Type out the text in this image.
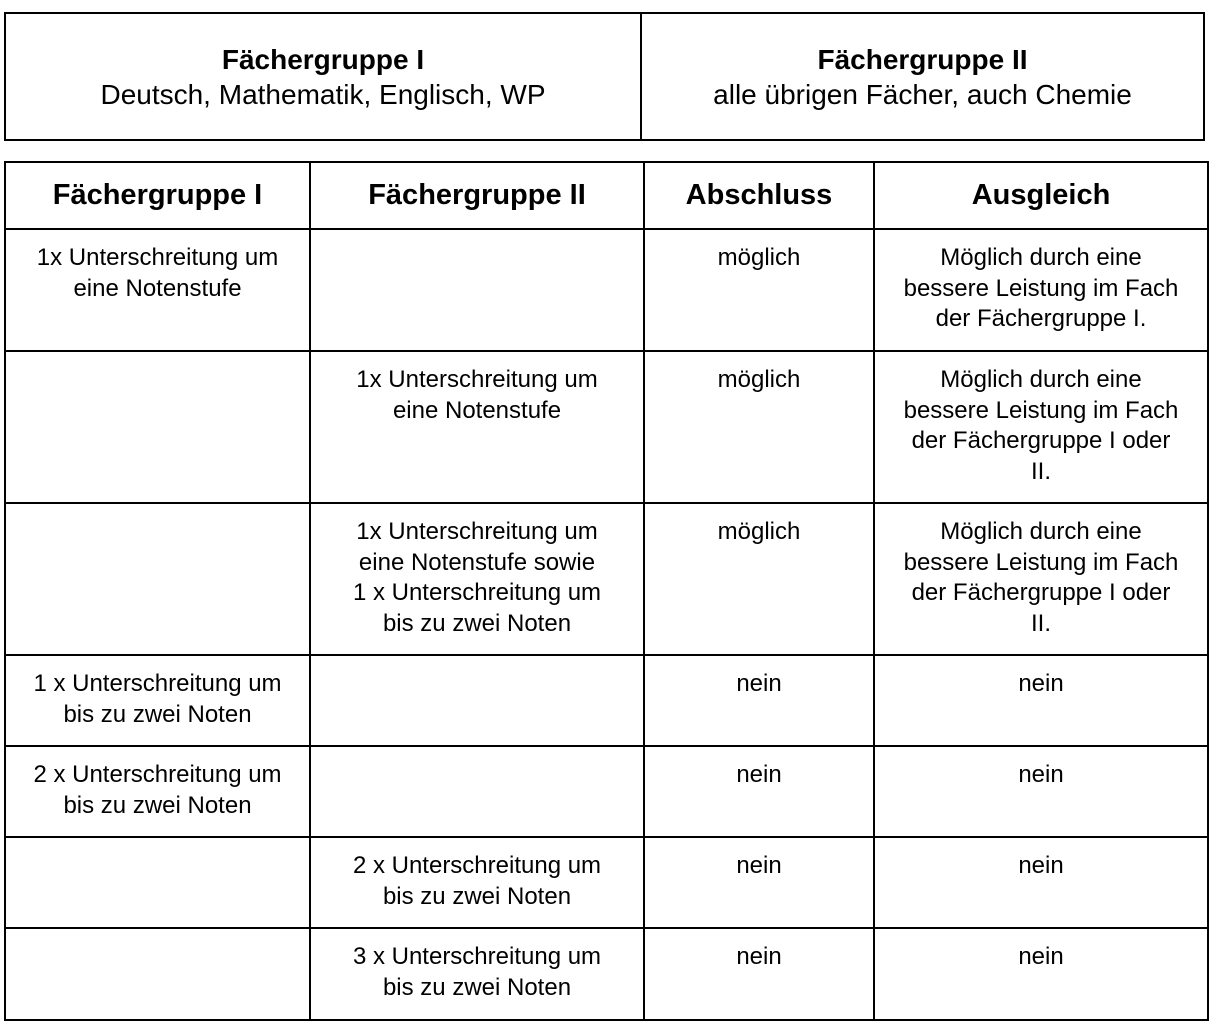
Fächergruppe I
Deutsch, Mathematik, Englisch, WP

Fächergruppe II
alle übrigen Fächer, auch Chemie
Fächergruppe I	Fächergruppe II	Abschluss	Ausgleich
1x Unterschreitung um
eine Notenstufe		möglich	Möglich durch eine
bessere Leistung im Fach
der Fächergruppe I.
	1x Unterschreitung um
eine Notenstufe	möglich	Möglich durch eine
bessere Leistung im Fach
der Fächergruppe I oder
II.
	1x Unterschreitung um
eine Notenstufe sowie
1 x Unterschreitung um
bis zu zwei Noten	möglich	Möglich durch eine
bessere Leistung im Fach
der Fächergruppe I oder
II.
1 x Unterschreitung um
bis zu zwei Noten		nein	nein
2 x Unterschreitung um
bis zu zwei Noten		nein	nein
	2 x Unterschreitung um
bis zu zwei Noten	nein	nein
	3 x Unterschreitung um
bis zu zwei Noten	nein	nein
